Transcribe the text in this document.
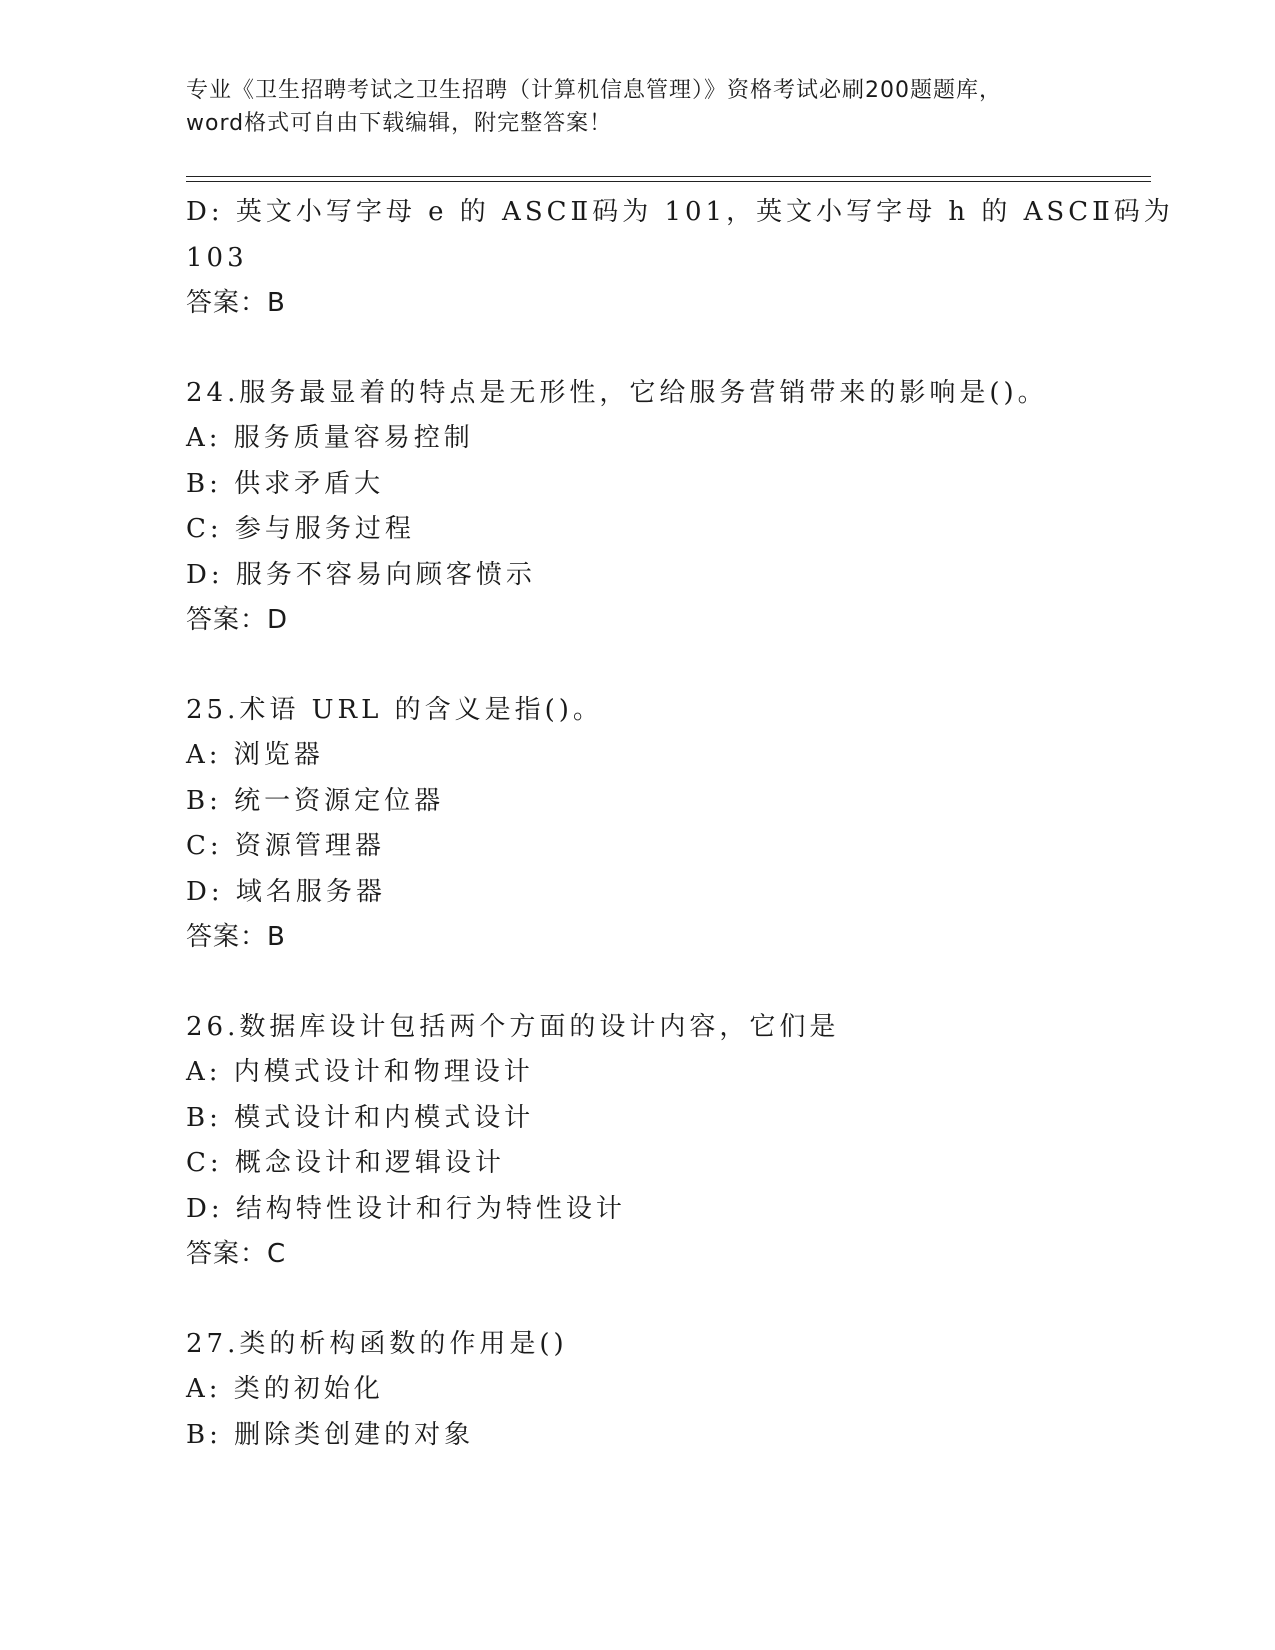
专业《卫生招聘考试之卫生招聘（计算机信息管理）》资格考试必刷200题题库，
word格式可自由下载编辑，附完整答案！
D: 英文小写字母 e 的 ASCⅡ码为 101，英文小写字母 h 的 ASCⅡ码为
103
答案：B
24.服务最显着的特点是无形性，它给服务营销带来的影响是()。
A: 服务质量容易控制
B: 供求矛盾大
C: 参与服务过程
D: 服务不容易向顾客愤示
答案：D
25.术语 URL 的含义是指()。
A: 浏览器
B: 统一资源定位器
C: 资源管理器
D: 域名服务器
答案：B
26.数据库设计包括两个方面的设计内容，它们是
A: 内模式设计和物理设计
B: 模式设计和内模式设计
C: 概念设计和逻辑设计
D: 结构特性设计和行为特性设计
答案：C
27.类的析构函数的作用是()
A: 类的初始化
B: 删除类创建的对象
